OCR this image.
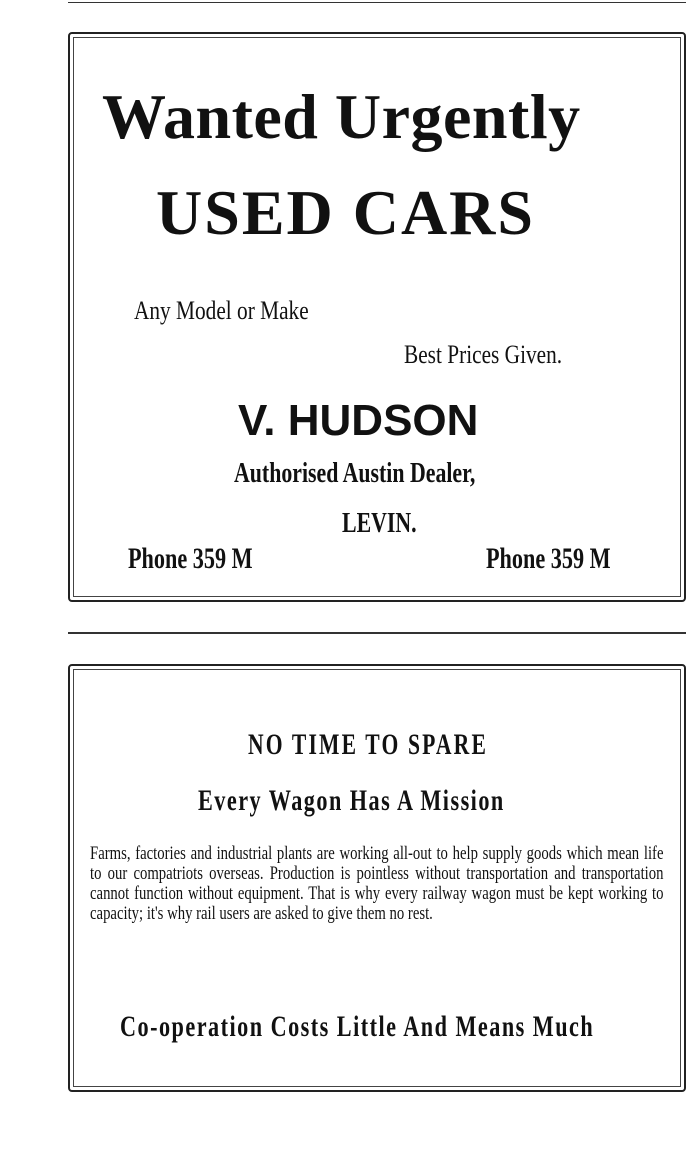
Wanted Urgently
USED CARS
Any Model or Make
Best Prices Given.
V. HUDSON
Authorised Austin Dealer,
LEVIN.
Phone 359 M	Phone 359 M
NO TIME TO SPARE
Every Wagon Has A Mission

Farms, factories and industrial plants are working all-out to help supply goods which mean life to our compatriots overseas. Production is pointless without transportation and transportation cannot function without equipment. That is why every railway wagon must be kept working to capacity; it's why rail users are asked to give them no rest.

Co-operation Costs Little And Means Much
